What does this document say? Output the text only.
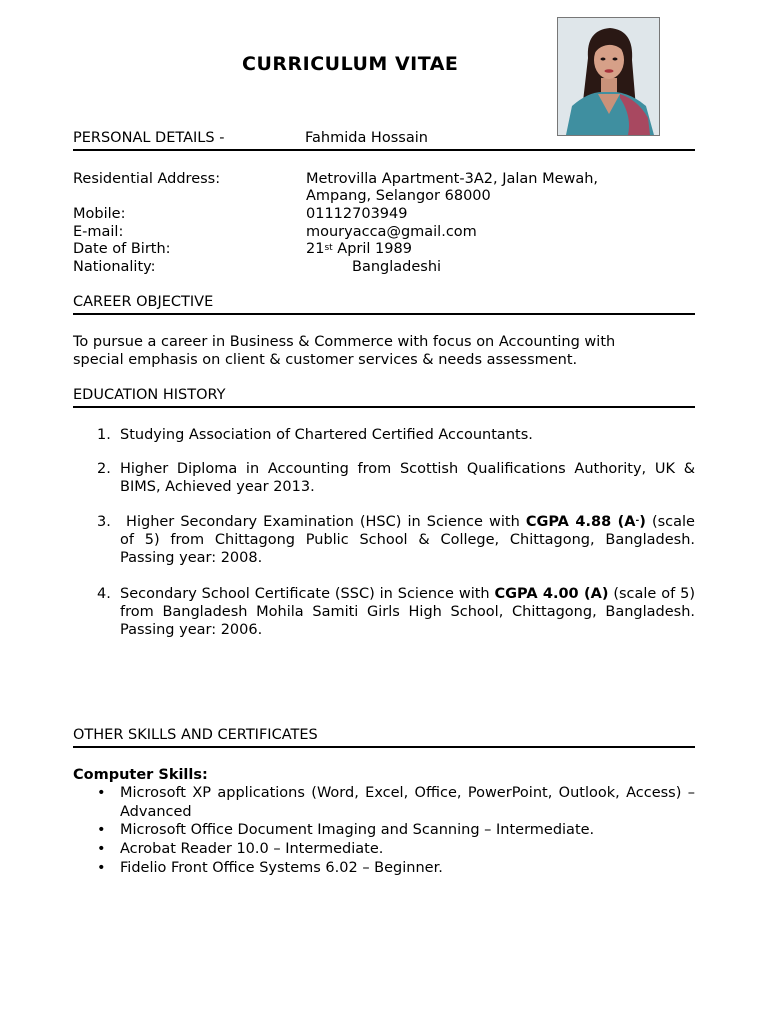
CURRICULUM VITAE
PERSONAL DETAILS -	Fahmida Hossain
Residential Address:	Metrovilla Apartment-3A2, Jalan Mewah,
Ampang, Selangor 68000
Mobile:	01112703949
E-mail:	mouryacca@gmail.com
Date of Birth:	21st April 1989
Nationality:	Bangladeshi
CAREER OBJECTIVE
To pursue a career in Business & Commerce with focus on Accounting with special emphasis on client & customer services & needs assessment.
EDUCATION HISTORY
1. Studying Association of Chartered Certified Accountants.
2. Higher Diploma in Accounting from Scottish Qualifications Authority, UK & BIMS, Achieved year 2013.
3. Higher Secondary Examination (HSC) in Science with CGPA 4.88 (A-) (scale of 5) from Chittagong Public School & College, Chittagong, Bangladesh. Passing year: 2008.
4. Secondary School Certificate (SSC) in Science with CGPA 4.00 (A) (scale of 5) from Bangladesh Mohila Samiti Girls High School, Chittagong, Bangladesh. Passing year: 2006.
OTHER SKILLS AND CERTIFICATES
Computer Skills:
• Microsoft XP applications (Word, Excel, Office, PowerPoint, Outlook, Access) – Advanced
• Microsoft Office Document Imaging and Scanning – Intermediate.
• Acrobat Reader 10.0 – Intermediate.
• Fidelio Front Office Systems 6.02 – Beginner.
